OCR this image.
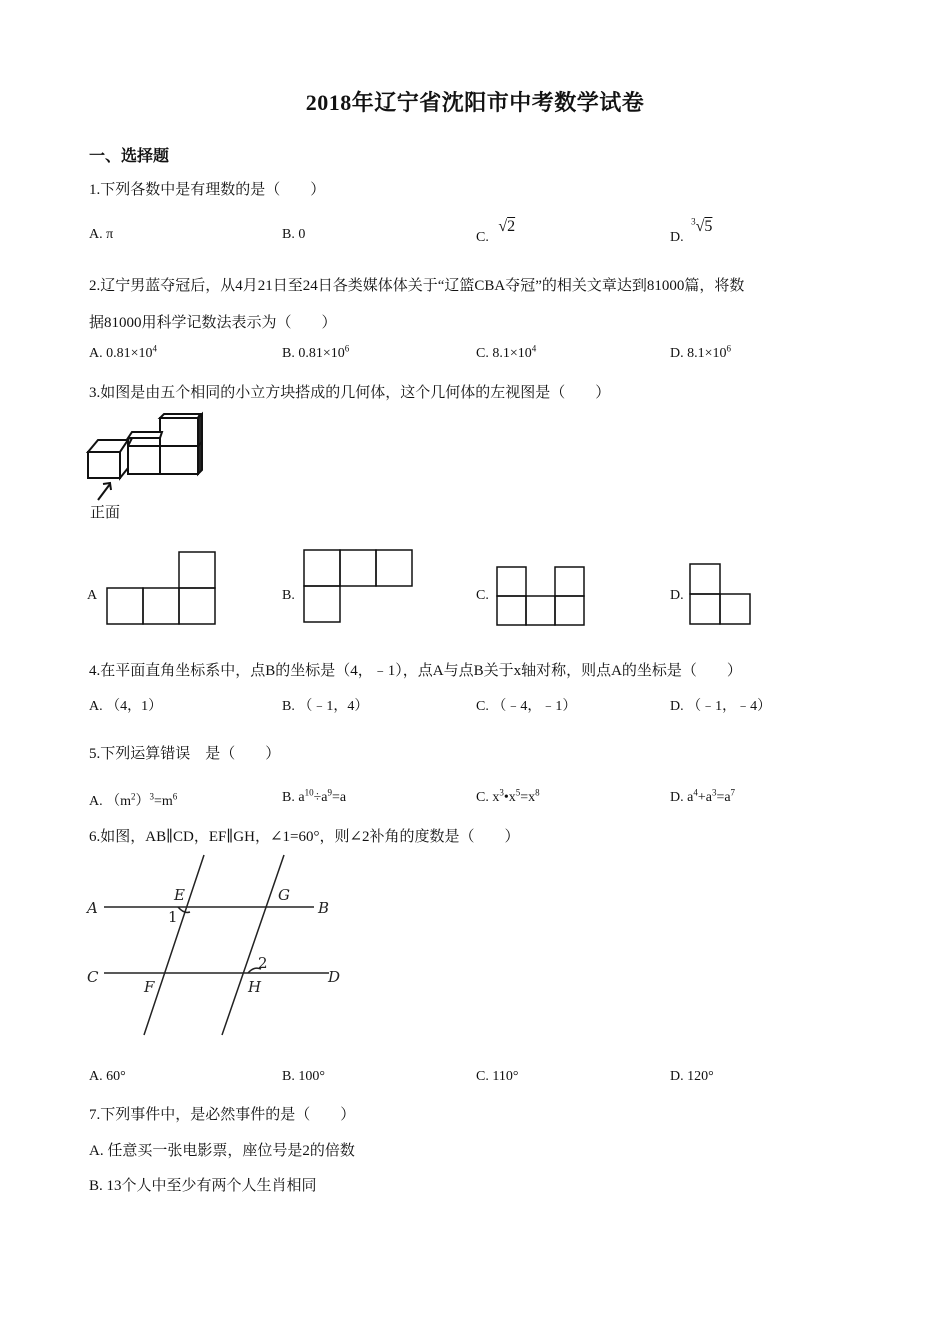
2018年辽宁省沈阳市中考数学试卷
一、选择题
1.下列各数中是有理数的是（　　）
A. π	B. 0	C. √2
D. $^3$√5
2.辽宁男蓝夺冠后，从4月21日至24日各类媒体体关于“辽篮CBA夺冠”的相关文章达到81000篇，将数
据81000用科学记数法表示为（　　）
A. $0.81\times 10^4$	B. $0.81\times 10^6$	C. $8.1\times 10^4$	D. $8.1\times 10^6$
3.如图是由五个相同的小立方块搭成的几何体，这个几何体的左视图是（　　）
正面
A	B.	C.	D.
4.在平面直角坐标系中，点B的坐标是（4，﹣1），点A与点B关于x轴对称，则点A的坐标是（　　）
A. （4，1）	B. （﹣1，4）	C. （﹣4，﹣1）	D. （﹣1，﹣4）
5.下列运算错误　是（　　）
A. $(m^2)^3=m^6$	B. $a^{10}\div a^9=a$	C. $x^3•x^5=x^8$	D. $a^4+a^3=a^7$
6.如图，AB∥CD，EF∥GH，∠1=60°，则∠2补角的度数是（　　）
A
E	G
B
1
2
C
F	H
D
A. 60°	B. 100°	C. 110°	D. 120°
7.下列事件中，是必然事件的是（　　）
A. 任意买一张电影票，座位号是2的倍数
B. 13个人中至少有两个人生肖相同
